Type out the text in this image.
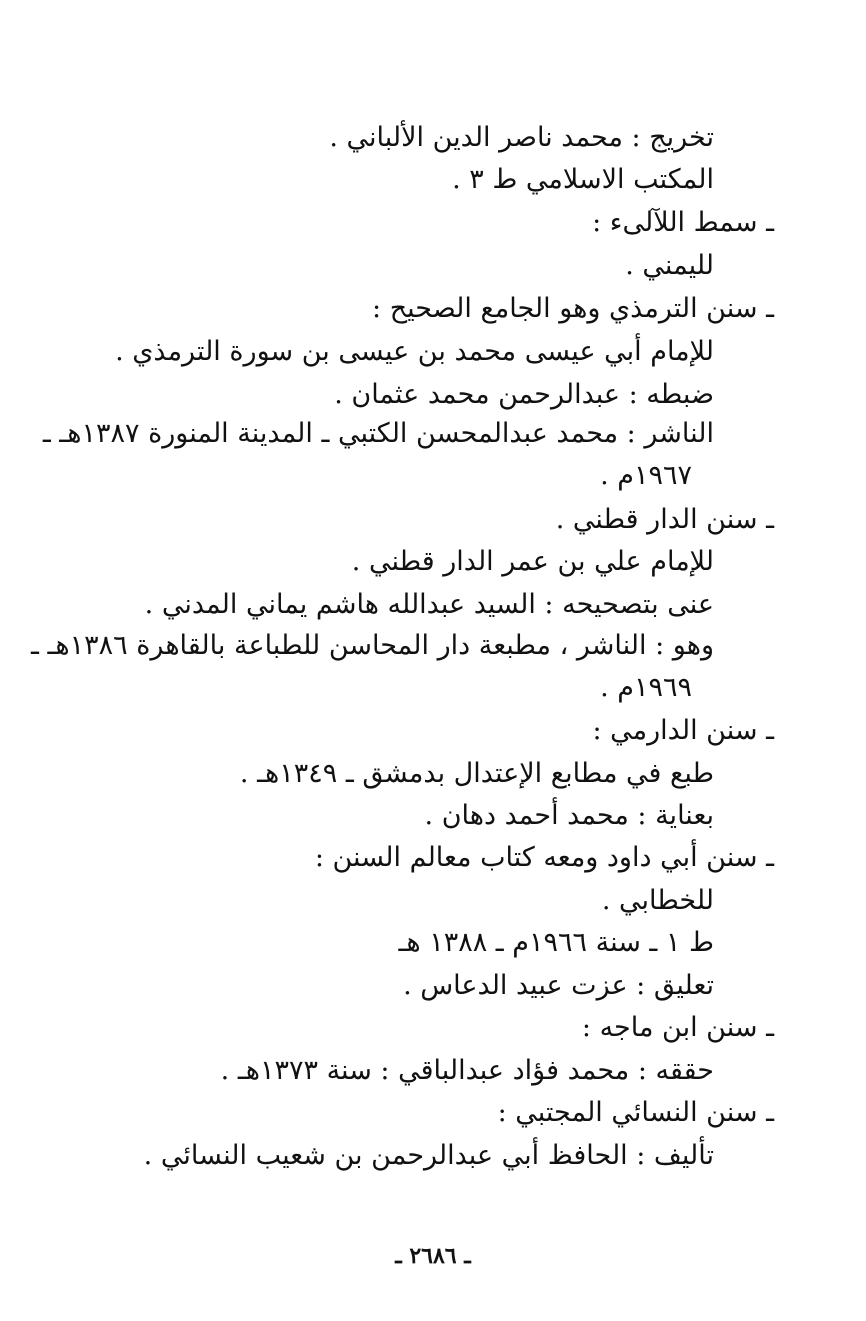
تخريج : محمد ناصر الدين الألباني .
المكتب الاسلامي ط ٣ .
ـ سمط اللآلىء :
لليمني .
ـ سنن الترمذي وهو الجامع الصحيح :
للإمام أبي عيسى محمد بن عيسى بن سورة الترمذي .
ضبطه : عبدالرحمن محمد عثمان .
الناشر : محمد عبدالمحسن الكتبي ـ المدينة المنورة ١٣٨٧هـ ـ
١٩٦٧م .
ـ سنن الدار قطني .
للإمام علي بن عمر الدار قطني .
عنى بتصحيحه : السيد عبدالله هاشم يماني المدني .
وهو : الناشر ، مطبعة دار المحاسن للطباعة بالقاهرة ١٣٨٦هـ ـ
١٩٦٩م .
ـ سنن الدارمي :
طبع في مطابع الإعتدال بدمشق ـ ١٣٤٩هـ .
بعناية : محمد أحمد دهان .
ـ سنن أبي داود ومعه كتاب معالم السنن :
للخطابي .
ط ١ ـ سنة ١٩٦٦م ـ ١٣٨٨ هـ
تعليق : عزت عبيد الدعاس .
ـ سنن ابن ماجه :
حققه : محمد فؤاد عبدالباقي : سنة ١٣٧٣هـ .
ـ سنن النسائي المجتبي :
تأليف : الحافظ أبي عبدالرحمن بن شعيب النسائي .
ـ ٢٦٨٦ ـ
